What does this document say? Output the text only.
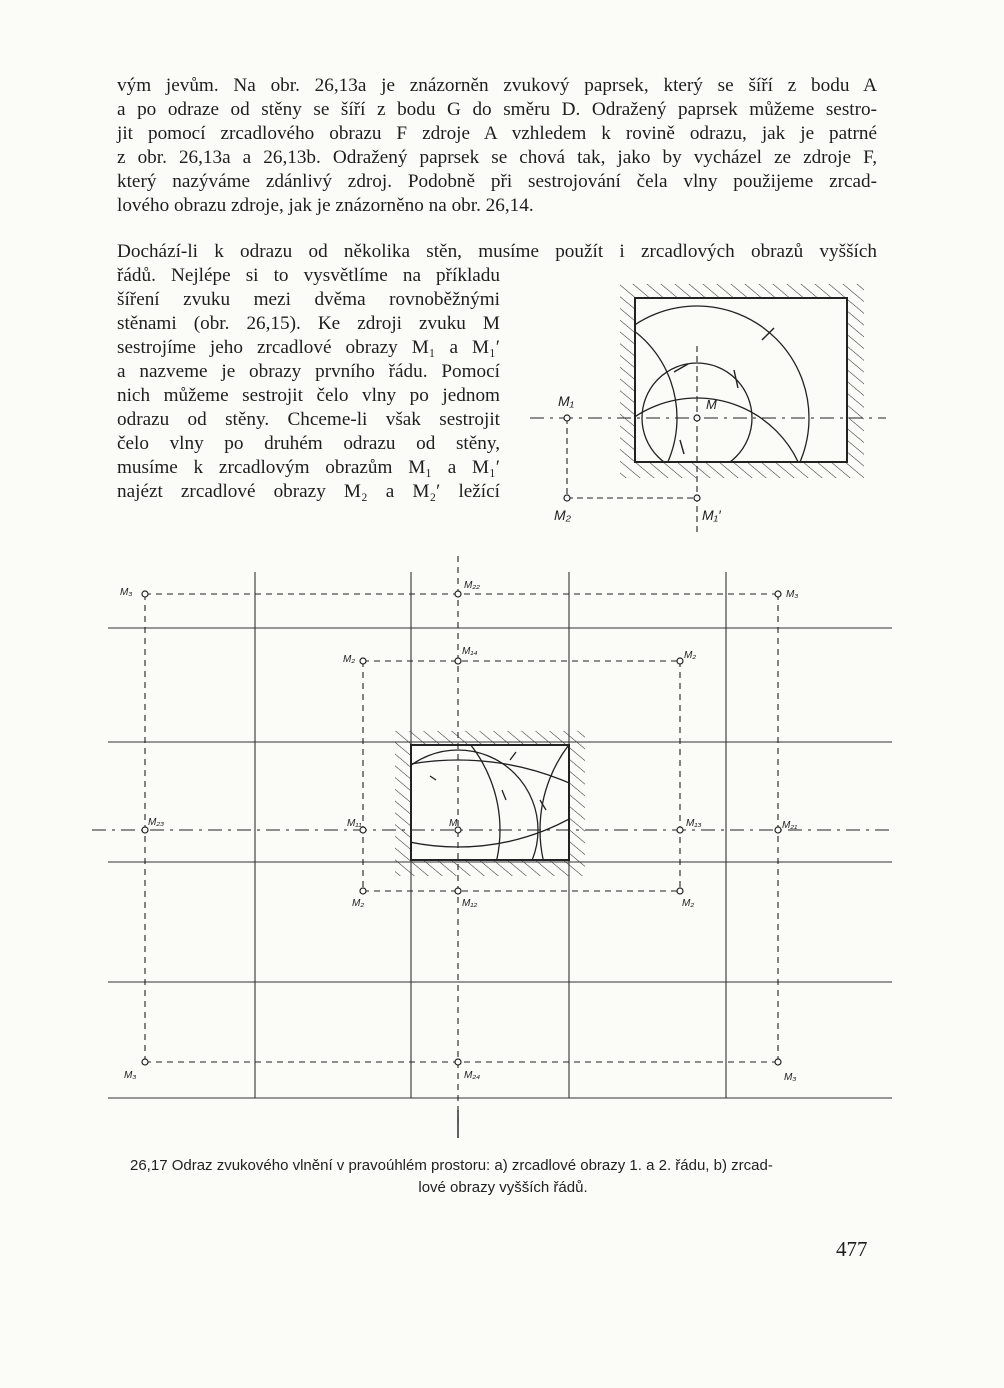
vým jevům. Na obr. 26,13a je znázorněn zvukový paprsek, který se šíří z bodu A
a po odraze od stěny se šíří z bodu G do směru D. Odražený paprsek můžeme sestro-
jit pomocí zrcadlového obrazu F zdroje A vzhledem k rovině odrazu, jak je patrné
z obr. 26,13a a 26,13b. Odražený paprsek se chová tak, jako by vycházel ze zdroje F,
který nazýváme zdánlivý zdroj. Podobně při sestrojování čela vlny použijeme zrcad-
lového obrazu zdroje, jak je znázorněno na obr. 26,14.
Dochází-li k odrazu od několika stěn, musíme použít i zrcadlových obrazů vyšších
řádů. Nejlépe si to vysvětlíme na příkladu
šíření zvuku mezi dvěma rovnoběžnými
stěnami (obr. 26,15). Ke zdroji zvuku M
sestrojíme jeho zrcadlové obrazy M₁ a M₁′
a nazveme je obrazy prvního řádu. Pomocí
nich můžeme sestrojit čelo vlny po jednom
odrazu od stěny. Chceme-li však sestrojit
čelo vlny po druhém odrazu od stěny,
musíme k zrcadlovým obrazům M₁ a M₁′
najézt zrcadlové obrazy M₂ a M₂′ ležící
M
M₁
M₁′
M₂
M
M₁₁	M₁₃
M₁₂
M₁₄
M₂₂
M₂₄
M₂₃	M₂₁
M₂	M₂
M₂	M₂
M₃	M₃
M₃	M₃
26,17 Odraz zvukového vlnění v pravoúhlém prostoru: a) zrcadlové obrazy 1. a 2. řádu, b) zrcad-
lové obrazy vyšších řádů.
477
